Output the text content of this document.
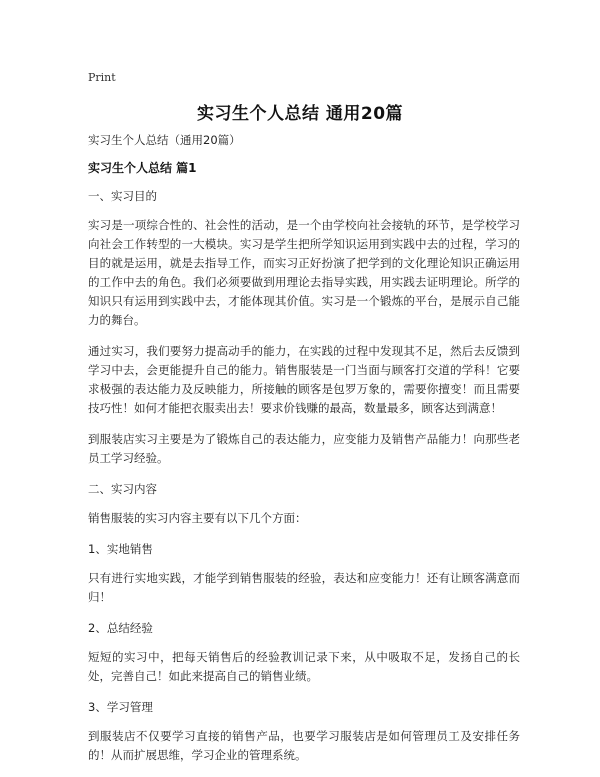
Print
实习生个人总结 通用20篇

实习生个人总结（通用20篇）

实习生个人总结 篇1

一、实习目的

实习是一项综合性的、社会性的活动，是一个由学校向社会接轨的环节，是学校学习向社会工作转型的一大模块。实习是学生把所学知识运用到实践中去的过程，学习的目的就是运用，就是去指导工作，而实习正好扮演了把学到的文化理论知识正确运用的工作中去的角色。我们必须要做到用理论去指导实践，用实践去证明理论。所学的知识只有运用到实践中去，才能体现其价值。实习是一个锻炼的平台，是展示自己能力的舞台。

通过实习，我们要努力提高动手的能力，在实践的过程中发现其不足，然后去反馈到学习中去，会更能提升自己的能力。销售服装是一门当面与顾客打交道的学科！它要求极强的表达能力及反映能力，所接触的顾客是包罗万象的，需要你擅变！而且需要技巧性！如何才能把衣服卖出去！要求价钱赚的最高，数量最多，顾客达到满意！

到服装店实习主要是为了锻炼自己的表达能力，应变能力及销售产品能力！向那些老员工学习经验。

二、实习内容

销售服装的实习内容主要有以下几个方面：

1、实地销售

只有进行实地实践，才能学到销售服装的经验，表达和应变能力！还有让顾客满意而归！

2、总结经验

短短的实习中，把每天销售后的经验教训记录下来，从中吸取不足，发扬自己的长处，完善自己！如此来提高自己的销售业绩。

3、学习管理

到服装店不仅要学习直接的销售产品，也要学习服装店是如何管理员工及安排任务的！从而扩展思维，学习企业的管理系统。
